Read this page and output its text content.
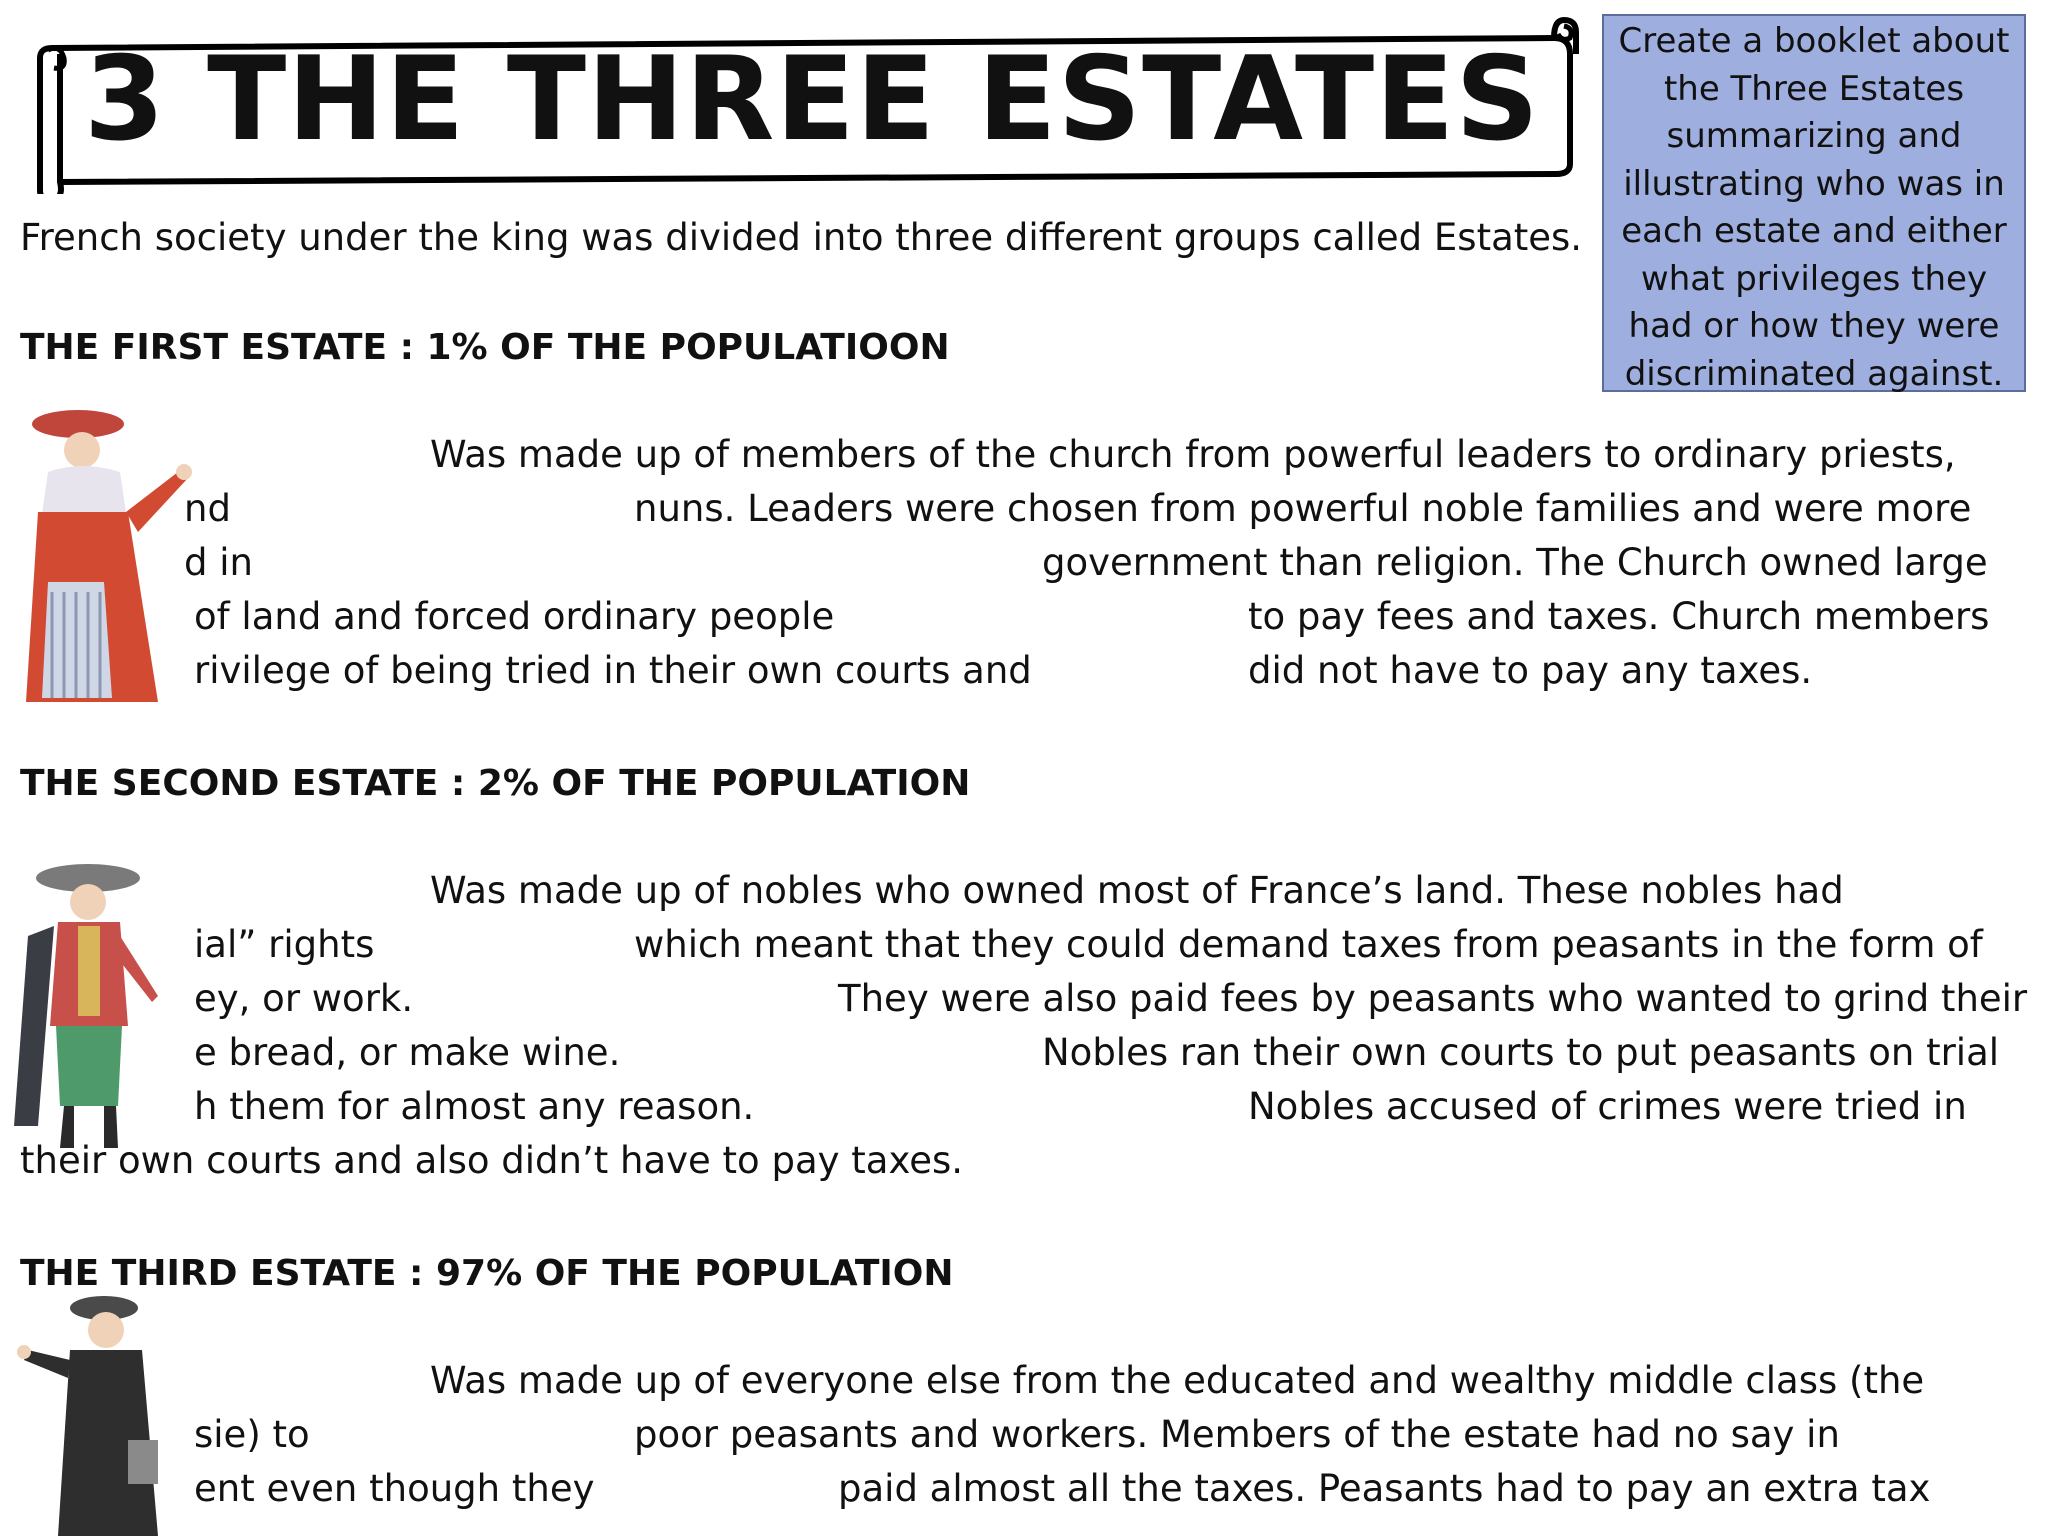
3 THE THREE ESTATES	Create a booklet about
the Three Estates
summarizing and
illustrating who was in
each estate and either
what privileges they
had or how they were
discriminated against.

French society under the king was divided into three different groups called Estates.

THE FIRST ESTATE : 1% OF THE POPULATIOON
Was made up of members of the church from powerful leaders to ordinary priests,
nd	nuns. Leaders were chosen from powerful noble families and were more
d in	government than religion. The Church owned large
of land and forced ordinary people	to pay fees and taxes. Church members
rivilege of being tried in their own courts and	did not have to pay any taxes.
THE SECOND ESTATE : 2% OF THE POPULATION
Was made up of nobles who owned most of France’s land. These nobles had
ial” rights	which meant that they could demand taxes from peasants in the form of
ey, or work.	They were also paid fees by peasants who wanted to grind their
e bread, or make wine.	Nobles ran their own courts to put peasants on trial
h them for almost any reason.	Nobles accused of crimes were tried in
their own courts and also didn’t have to pay taxes.
THE THIRD ESTATE : 97% OF THE POPULATION
Was made up of everyone else from the educated and wealthy middle class (the
sie) to	poor peasants and workers. Members of the estate had no say in
ent even though they	paid almost all the taxes. Peasants had to pay an extra tax
